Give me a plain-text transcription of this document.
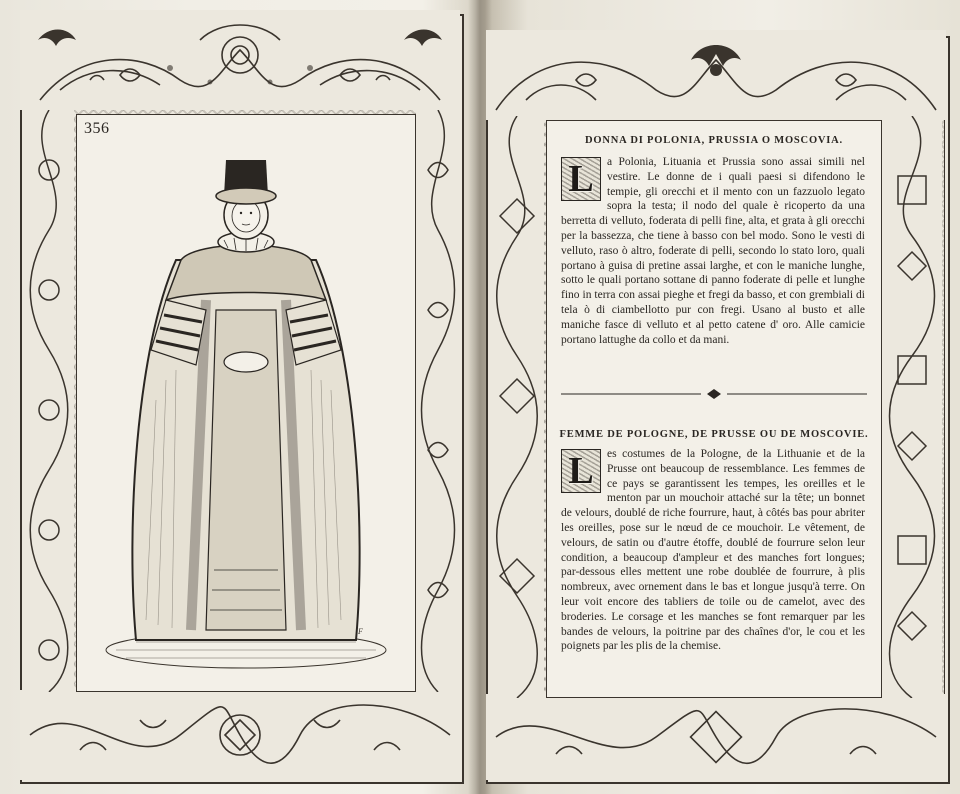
356
F
DONNA DI POLONIA, PRUSSIA O MOSCOVIA.
L	a Polonia, Lituania et Prussia sono assai simili nel vestire. Le donne de i quali paesi si difendono le tempie, gli orecchi et il mento con un fazzuolo legato sopra la testa; il nodo del quale è ricoperto da una berretta di velluto, foderata di pelli fine, alta, et grata à gli orecchi per la bassezza, che tiene à basso con bel modo. Sono le vesti di velluto, raso ò altro, foderate di pelli, secondo lo stato loro, quali portano à guisa di pretine assai larghe, et con le maniche lunghe, sotto le quali portano sottane di panno foderate di pelle et lunghe fino in terra con assai pieghe et fregi da basso, et con grembiali di tela ò di ciambellotto pur con fregi. Usano al busto et alle maniche fasce di velluto et al petto catene d' oro. Alle camicie portano lattughe da collo et da mani.
FEMME DE POLOGNE, DE PRUSSE OU DE MOSCOVIE.
L	es costumes de la Pologne, de la Lithuanie et de la Prusse ont beaucoup de ressemblance. Les femmes de ce pays se garantissent les tempes, les oreilles et le menton par un mouchoir attaché sur la tête; un bonnet de velours, doublé de riche fourrure, haut, à côtés bas pour abriter les oreilles, pose sur le nœud de ce mouchoir. Le vêtement, de velours, de satin ou d'autre étoffe, doublé de fourrure selon leur condition, a beaucoup d'ampleur et des manches fort longues; par-dessous elles mettent une robe doublée de fourrure, à plis nombreux, avec ornement dans le bas et longue jusqu'à terre. On leur voit encore des tabliers de toile ou de camelot, avec des broderies. Le corsage et les manches se font remarquer par les bandes de velours, la poitrine par des chaînes d'or, le cou et les poignets par les plis de la chemise.
